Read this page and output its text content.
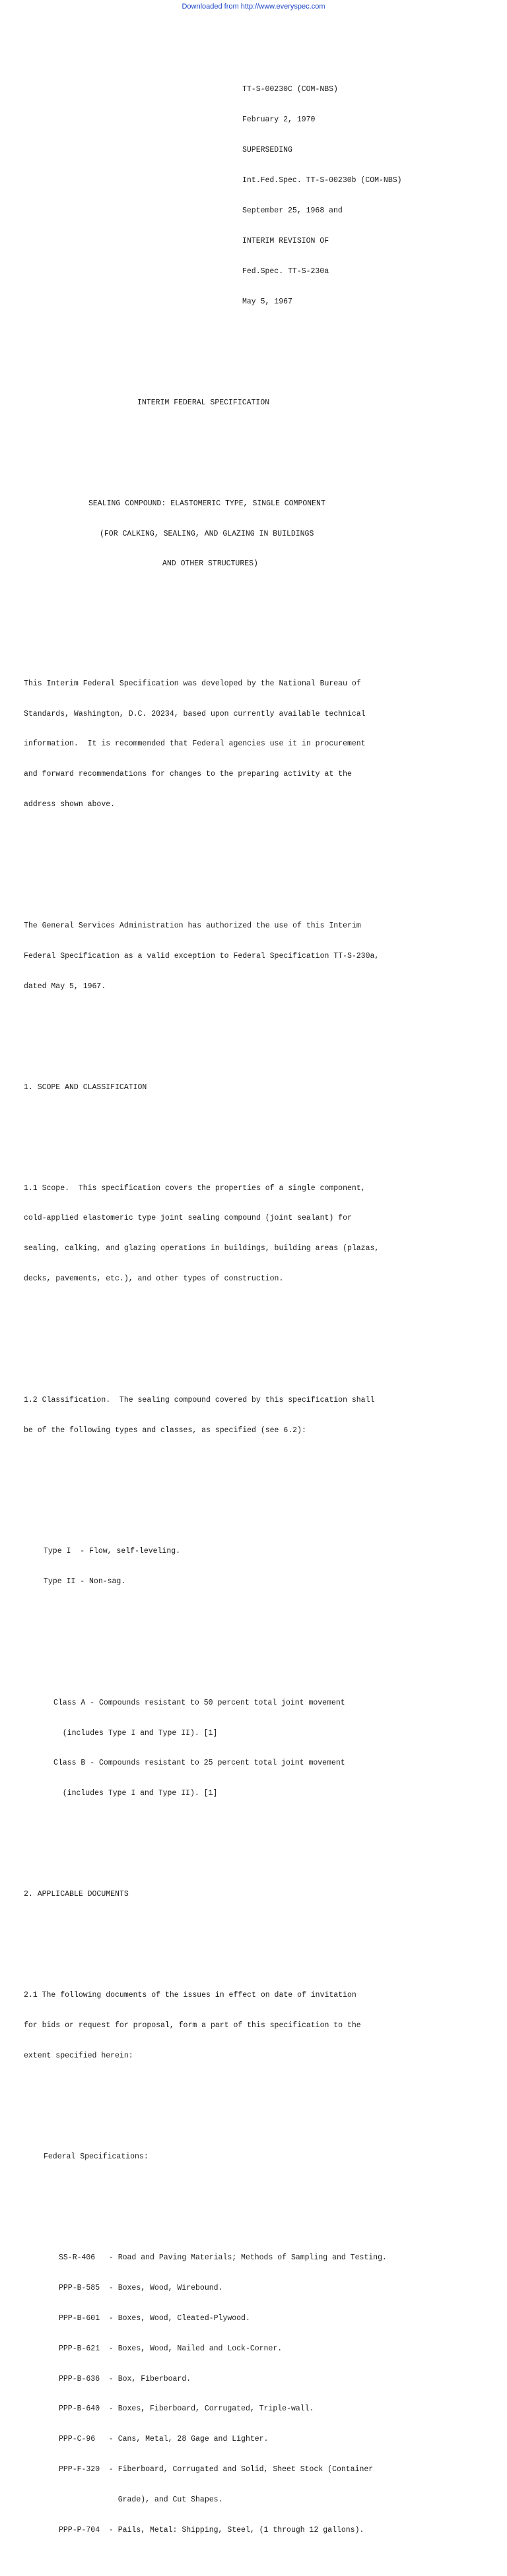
Downloaded from http://www.everyspec.com

TT-S-00230C (COM-NBS)

February 2, 1970

SUPERSEDING

Int.Fed.Spec. TT-S-00230b (COM-NBS)

September 25, 1968 and

INTERIM REVISION OF

Fed.Spec. TT-S-230a

May 5, 1967

INTERIM FEDERAL SPECIFICATION

SEALING COMPOUND: ELASTOMERIC TYPE, SINGLE COMPONENT

(FOR CALKING, SEALING, AND GLAZING IN BUILDINGS

AND OTHER STRUCTURES)

This Interim Federal Specification was developed by the National Bureau of

Standards, Washington, D.C. 20234, based upon currently available technical

information.  It is recommended that Federal agencies use it in procurement

and forward recommendations for changes to the preparing activity at the

address shown above.

The General Services Administration has authorized the use of this Interim

Federal Specification as a valid exception to Federal Specification TT-S-230a,

dated May 5, 1967.

1. SCOPE AND CLASSIFICATION

1.1 Scope.  This specification covers the properties of a single component,

cold-applied elastomeric type joint sealing compound (joint sealant) for

sealing, calking, and glazing operations in buildings, building areas (plazas,

decks, pavements, etc.), and other types of construction.

1.2 Classification.  The sealing compound covered by this specification shall

be of the following types and classes, as specified (see 6.2):

Type I  - Flow, self-leveling.

Type II - Non-sag.

Class A - Compounds resistant to 50 percent total joint movement

(includes Type I and Type II). [1]

Class B - Compounds resistant to 25 percent total joint movement

(includes Type I and Type II). [1]

2. APPLICABLE DOCUMENTS

2.1 The following documents of the issues in effect on date of invitation

for bids or request for proposal, form a part of this specification to the

extent specified herein:

Federal Specifications:

SS-R-406   - Road and Paving Materials; Methods of Sampling and Testing.

PPP-B-585  - Boxes, Wood, Wirebound.

PPP-B-601  - Boxes, Wood, Cleated-Plywood.

PPP-B-621  - Boxes, Wood, Nailed and Lock-Corner.

PPP-B-636  - Box, Fiberboard.

PPP-B-640  - Boxes, Fiberboard, Corrugated, Triple-wall.

PPP-C-96   - Cans, Metal, 28 Gage and Lighter.

PPP-F-320  - Fiberboard, Corrugated and Solid, Sheet Stock (Container

Grade), and Cut Shapes.

PPP-P-704  - Pails, Metal: Shipping, Steel, (1 through 12 gallons).
